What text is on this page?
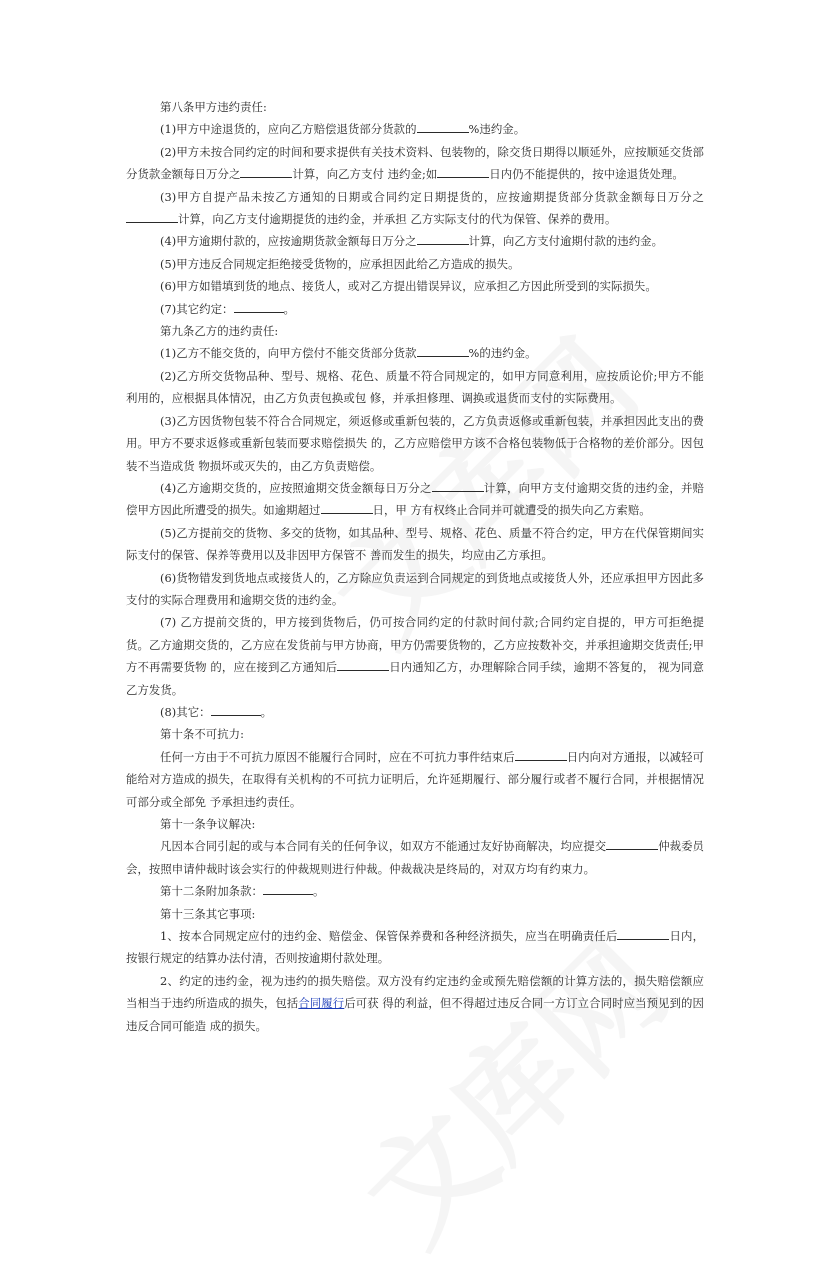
第八条甲方违约责任:

(1)甲方中途退货的，应向乙方赔偿退货部分货款的	%违约金。

(2)甲方未按合同约定的时间和要求提供有关技术资料、包装物的，除交货日期得以顺延外，应按顺延交货部分货款金额每日万分之	计算，向乙方支付 违约金;如	日内仍不能提供的，按中途退货处理。

(3)甲方自提产品未按乙方通知的日期或合同约定日期提货的，应按逾期提货部分货款金额每日万分之计算，向乙方支付逾期提货的违约金，并承担 乙方实际支付的代为保管、保养的费用。

(4)甲方逾期付款的，应按逾期货款金额每日万分之	计算，向乙方支付逾期付款的违约金。

(5)甲方违反合同规定拒绝接受货物的，应承担因此给乙方造成的损失。

(6)甲方如错填到货的地点、接货人，或对乙方提出错误异议，应承担乙方因此所受到的实际损失。

(7)其它约定：	。

第九条乙方的违约责任:

(1)乙方不能交货的，向甲方偿付不能交货部分货款	%的违约金。

(2)乙方所交货物品种、型号、规格、花色、质量不符合同规定的，如甲方同意利用，应按质论价;甲方不能利用的，应根据具体情况，由乙方负责包换或包 修，并承担修理、调换或退货而支付的实际费用。

(3)乙方因货物包装不符合合同规定，须返修或重新包装的，乙方负责返修或重新包装，并承担因此支出的费用。甲方不要求返修或重新包装而要求赔偿损失 的，乙方应赔偿甲方该不合格包装物低于合格物的差价部分。因包装不当造成货 物损坏或灭失的，由乙方负责赔偿。

(4)乙方逾期交货的，应按照逾期交货金额每日万分之	计算，向甲方支付逾期交货的违约金，并赔偿甲方因此所遭受的损失。如逾期超过	日，甲 方有权终止合同并可就遭受的损失向乙方索赔。

(5)乙方提前交的货物、多交的货物，如其品种、型号、规格、花色、质量不符合约定，甲方在代保管期间实际支付的保管、保养等费用以及非因甲方保管不 善而发生的损失，均应由乙方承担。

(6)货物错发到货地点或接货人的，乙方除应负责运到合同规定的到货地点或接货人外，还应承担甲方因此多支付的实际合理费用和逾期交货的违约金。

(7) 乙方提前交货的，甲方接到货物后，仍可按合同约定的付款时间付款;合同约定自提的，甲方可拒绝提货。乙方逾期交货的，乙方应在发货前与甲方协商，甲方仍需要货物的，乙方应按数补交，并承担逾期交货责任;甲方不再需要货物 的，应在接到乙方通知后	日内通知乙方，办理解除合同手续，逾期不答复的， 视为同意乙方发货。

(8)其它：	。

第十条不可抗力:

任何一方由于不可抗力原因不能履行合同时，应在不可抗力事件结束后	日内向对方通报，以减轻可能给对方造成的损失，在取得有关机构的不可抗力证明后，允许延期履行、部分履行或者不履行合同，并根据情况可部分或全部免 予承担违约责任。

第十一条争议解决:

凡因本合同引起的或与本合同有关的任何争议，如双方不能通过友好协商解决，均应提交	仲裁委员会，按照申请仲裁时该会实行的仲裁规则进行仲裁。仲裁裁决是终局的，对双方均有约束力。

第十二条附加条款：	。

第十三条其它事项:

1、按本合同规定应付的违约金、赔偿金、保管保养费和各种经济损失，应当在明确责任后	日内，按银行规定的结算办法付清，否则按逾期付款处理。

2、约定的违约金，视为违约的损失赔偿。双方没有约定违约金或预先赔偿额的计算方法的，损失赔偿额应当相当于违约所造成的损失，包括合同履行后可获 得的利益，但不得超过违反合同一方订立合同时应当预见到的因违反合同可能造 成的损失。
